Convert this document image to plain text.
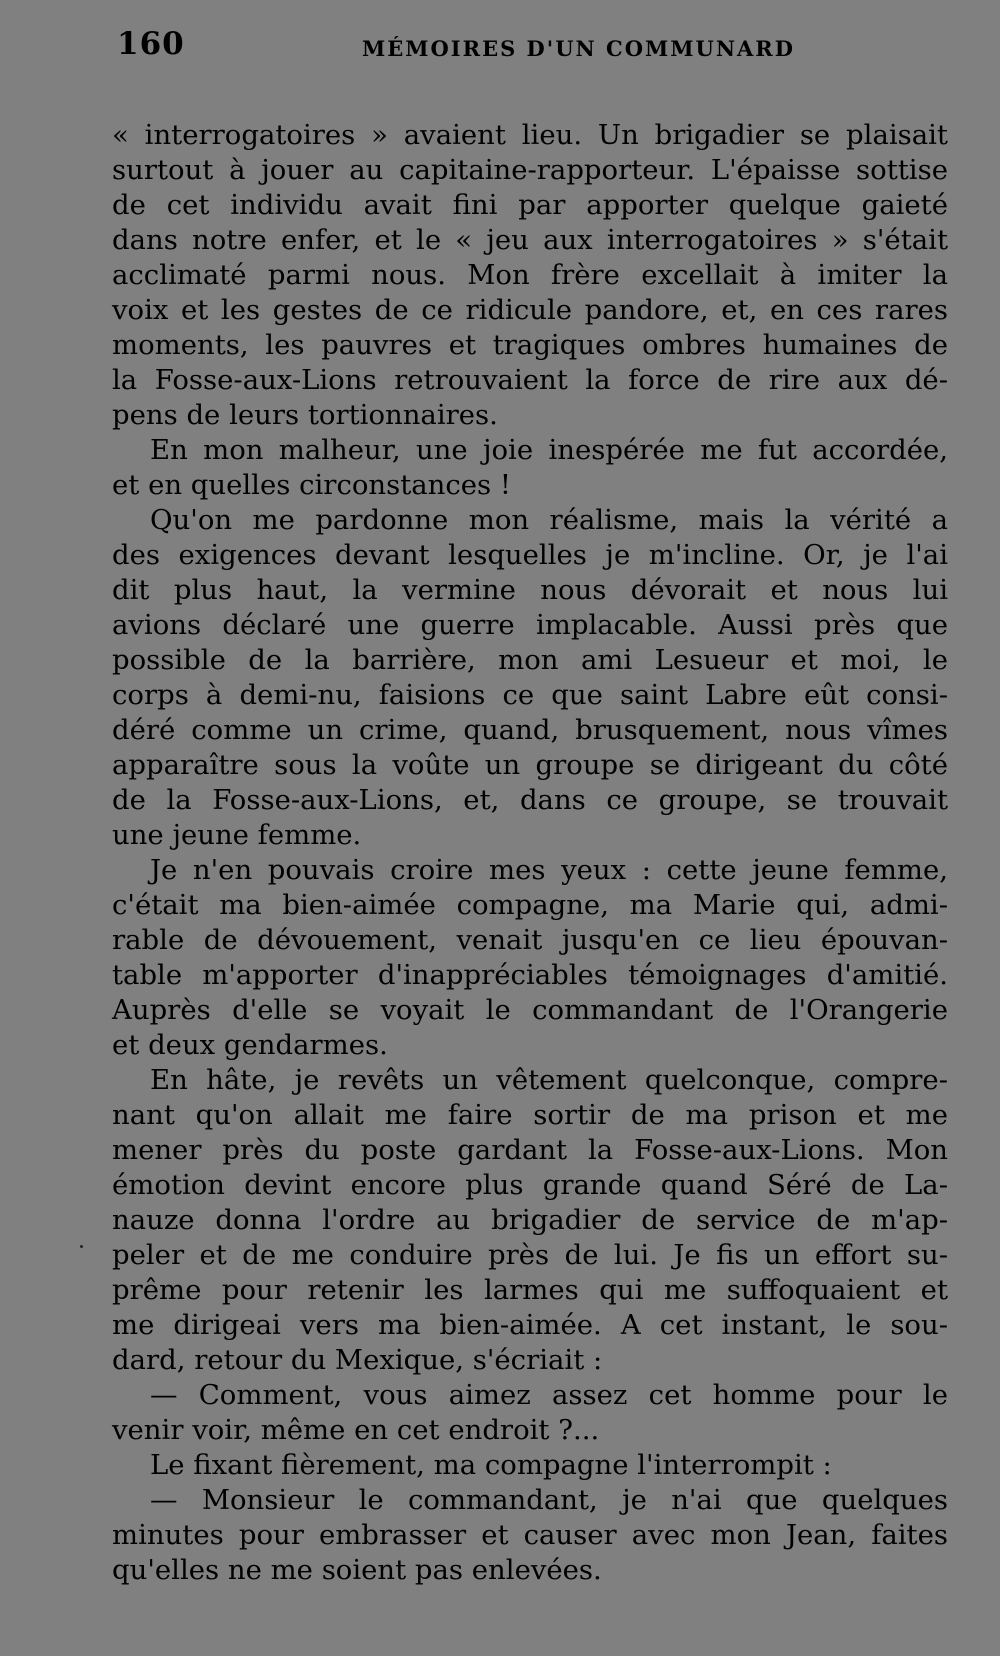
160	MÉMOIRES D'UN COMMUNARD
« interrogatoires » avaient lieu. Un brigadier se plaisait
surtout à jouer au capitaine-rapporteur. L'épaisse sottise
de cet individu avait fini par apporter quelque gaieté
dans notre enfer, et le « jeu aux interrogatoires » s'était
acclimaté parmi nous. Mon frère excellait à imiter la
voix et les gestes de ce ridicule pandore, et, en ces rares
moments, les pauvres et tragiques ombres humaines de
la Fosse-aux-Lions retrouvaient la force de rire aux dé-
pens de leurs tortionnaires.
En mon malheur, une joie inespérée me fut accordée,
et en quelles circonstances !
Qu'on me pardonne mon réalisme, mais la vérité a
des exigences devant lesquelles je m'incline. Or, je l'ai
dit plus haut, la vermine nous dévorait et nous lui
avions déclaré une guerre implacable. Aussi près que
possible de la barrière, mon ami Lesueur et moi, le
corps à demi-nu, faisions ce que saint Labre eût consi-
déré comme un crime, quand, brusquement, nous vîmes
apparaître sous la voûte un groupe se dirigeant du côté
de la Fosse-aux-Lions, et, dans ce groupe, se trouvait
une jeune femme.
Je n'en pouvais croire mes yeux : cette jeune femme,
c'était ma bien-aimée compagne, ma Marie qui, admi-
rable de dévouement, venait jusqu'en ce lieu épouvan-
table m'apporter d'inappréciables témoignages d'amitié.
Auprès d'elle se voyait le commandant de l'Orangerie
et deux gendarmes.
En hâte, je revêts un vêtement quelconque, compre-
nant qu'on allait me faire sortir de ma prison et me
mener près du poste gardant la Fosse-aux-Lions. Mon
émotion devint encore plus grande quand Séré de La-
nauze donna l'ordre au brigadier de service de m'ap-
peler et de me conduire près de lui. Je fis un effort su-
prême pour retenir les larmes qui me suffoquaient et
me dirigeai vers ma bien-aimée. A cet instant, le sou-
dard, retour du Mexique, s'écriait :
— Comment, vous aimez assez cet homme pour le
venir voir, même en cet endroit ?...
Le fixant fièrement, ma compagne l'interrompit :
— Monsieur le commandant, je n'ai que quelques
minutes pour embrasser et causer avec mon Jean, faites
qu'elles ne me soient pas enlevées.
